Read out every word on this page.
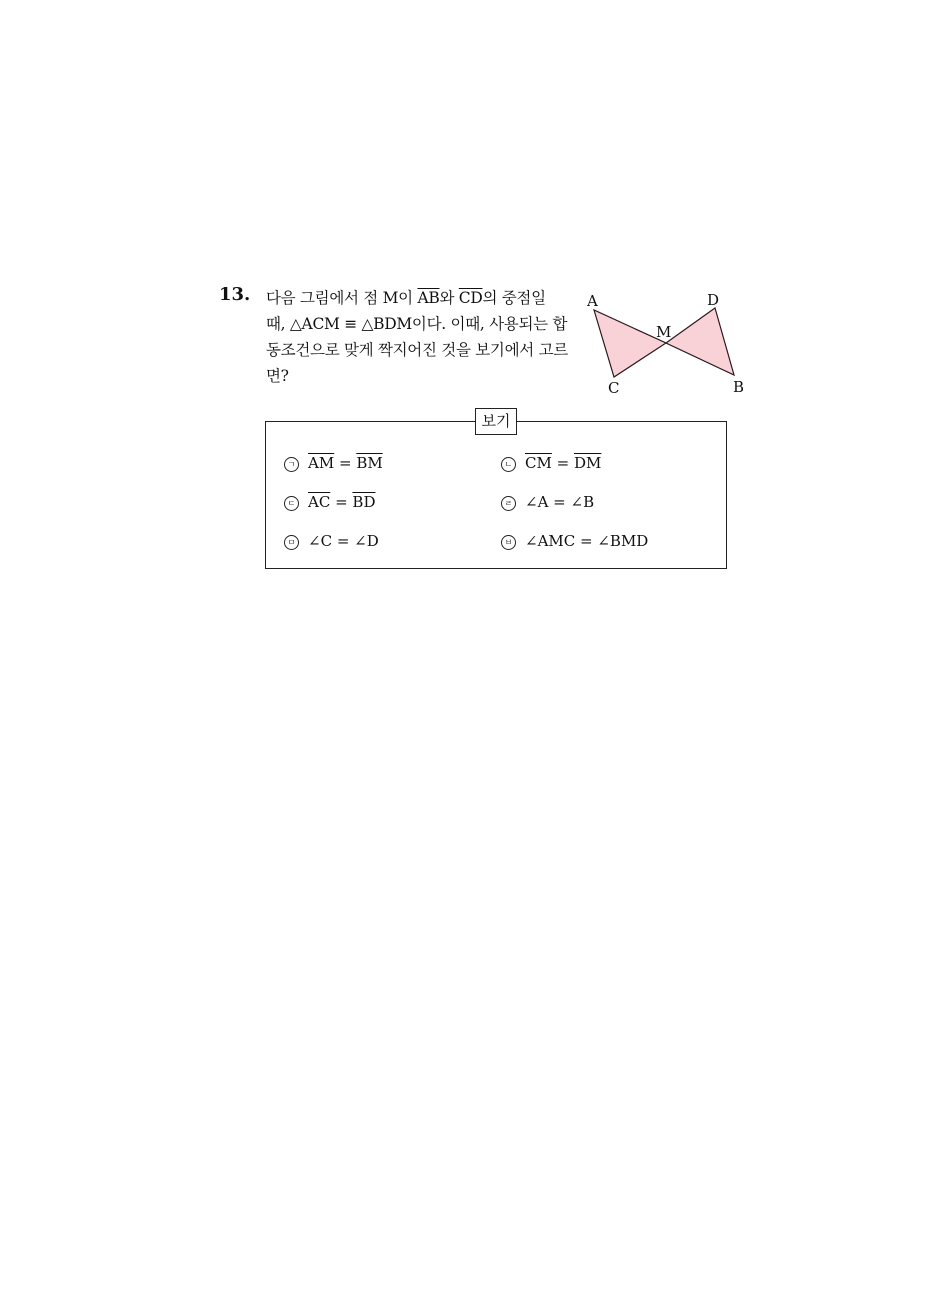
13. 다음 그림에서 점 M이 $\overline{AB}$와 $\overline{CD}$의 중점일
때, △ACM ≡ △BDM이다. 이때, 사용되는 합
동조건으로 맞게 짝지어진 것을 보기에서 고르
면?
A	D
M
C	B
보기
ㄱ $\overline{AM} = \overline{BM}$	ㄴ $\overline{CM} = \overline{DM}$
ㄷ $\overline{AC} = \overline{BD}$	ㄹ ∠A = ∠B
ㅁ ∠C = ∠D	ㅂ ∠AMC = ∠BMD
